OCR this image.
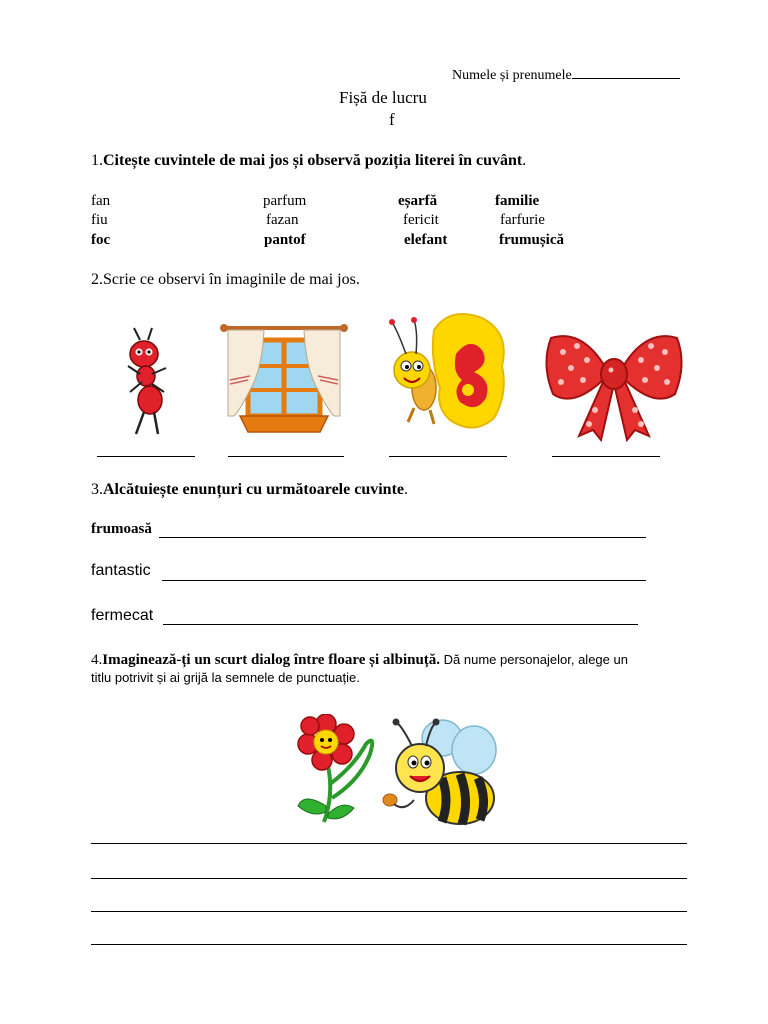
Numele și prenumele
Fișă de lucru
f
1.Citește cuvintele de mai jos și observă poziția literei în cuvânt.
fan	parfum	eșarfă	familie
fiu	fazan	fericit	farfurie
foc	pantof	elefant	frumușică
2.Scrie ce observi în imaginile de mai jos.
3.Alcătuiește enunțuri cu următoarele cuvinte.
frumoasă
fantastic
fermecat
4.Imaginează-ți un scurt dialog între floare și albinuță. Dă nume personajelor, alege un
titlu potrivit și ai grijă la semnele de punctuație.
